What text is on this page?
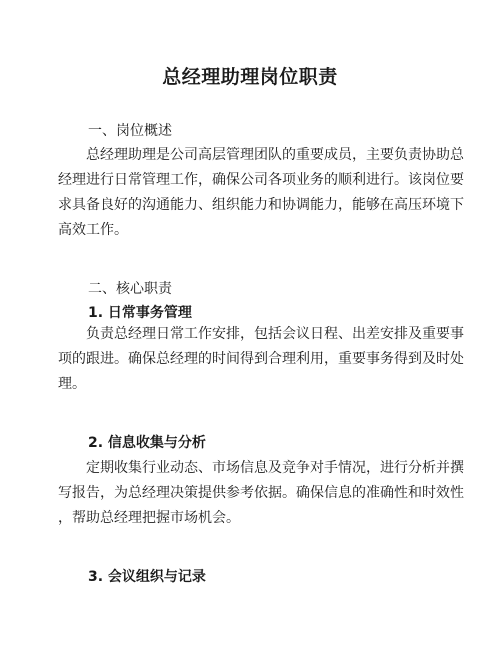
总经理助理岗位职责

一、岗位概述

总经理助理是公司高层管理团队的重要成员，主要负责协助总
经理进行日常管理工作，确保公司各项业务的顺利进行。该岗位要
求具备良好的沟通能力、组织能力和协调能力，能够在高压环境下
高效工作。

二、核心职责

1. 日常事务管理

负责总经理日常工作安排，包括会议日程、出差安排及重要事
项的跟进。确保总经理的时间得到合理利用，重要事务得到及时处
理。

2. 信息收集与分析

定期收集行业动态、市场信息及竞争对手情况，进行分析并撰
写报告，为总经理决策提供参考依据。确保信息的准确性和时效性
，帮助总经理把握市场机会。

3. 会议组织与记录
